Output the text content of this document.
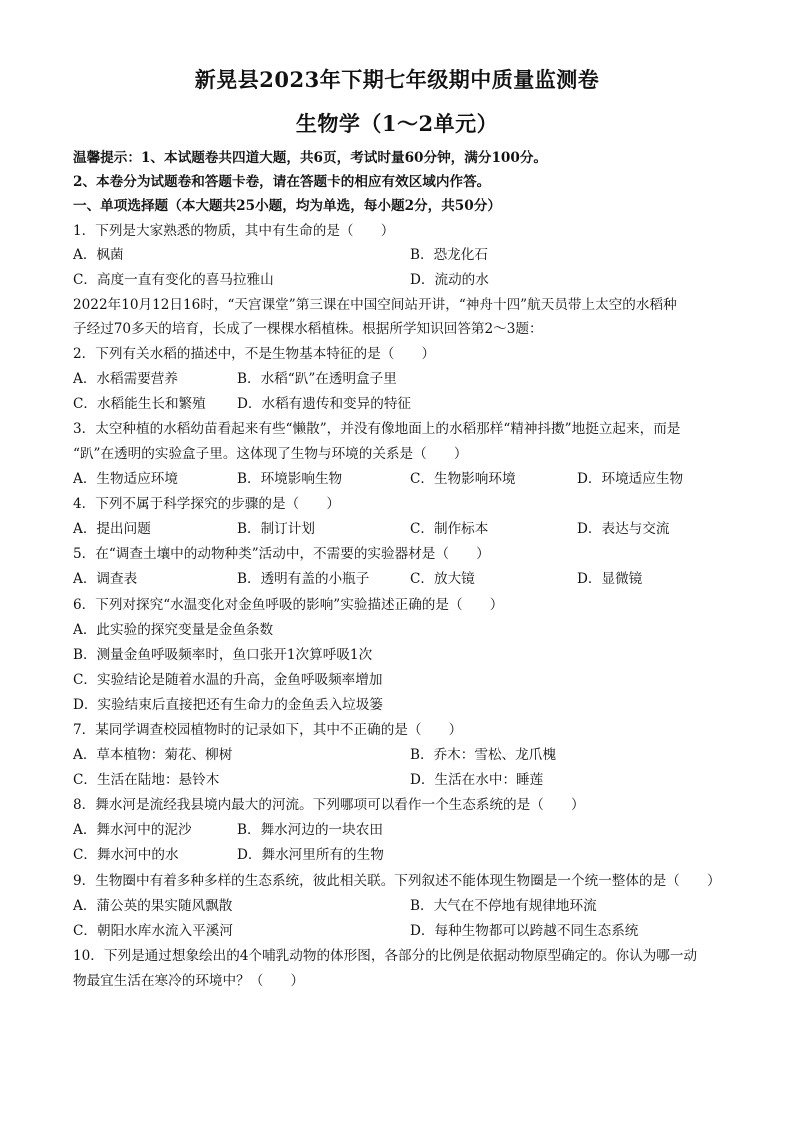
新晃县2023年下期七年级期中质量监测卷
生物学（1～2单元）
温馨提示：1、本试题卷共四道大题，共6页，考试时量60分钟，满分100分。
2、本卷分为试题卷和答题卡卷，请在答题卡的相应有效区域内作答。
一、单项选择题（本大题共25小题，均为单选，每小题2分，共50分）
1．下列是大家熟悉的物质，其中有生命的是（　　）
A．枫菌	B．恐龙化石
C．高度一直有变化的喜马拉雅山	D．流动的水
2022年10月12日16时，“天宫课堂”第三课在中国空间站开讲，“神舟十四”航天员带上太空的水稻种
子经过70多天的培育，长成了一棵棵水稻植株。根据所学知识回答第2～3题：
2．下列有关水稻的描述中，不是生物基本特征的是（　　）
A．水稻需要营养	B．水稻“趴”在透明盒子里
C．水稻能生长和繁殖 D．水稻有遗传和变异的特征
3．太空种植的水稻幼苗看起来有些“懒散”，并没有像地面上的水稻那样“精神抖擞”地挺立起来，而是
“趴”在透明的实验盒子里。这体现了生物与环境的关系是（　　）
A．生物适应环境	B．环境影响生物	C．生物影响环境	D．环境适应生物
4．下列不属于科学探究的步骤的是（　　）
A．提出问题	B．制订计划	C．制作标本	D．表达与交流
5．在“调查土壤中的动物种类”活动中，不需要的实验器材是（　　）
A．调查表	B．透明有盖的小瓶子	C．放大镜	D．显微镜
6．下列对探究“水温变化对金鱼呼吸的影响”实验描述正确的是（　　）
A．此实验的探究变量是金鱼条数
B．测量金鱼呼吸频率时，鱼口张开1次算呼吸1次
C．实验结论是随着水温的升高，金鱼呼吸频率增加
D．实验结束后直接把还有生命力的金鱼丢入垃圾篓
7．某同学调查校园植物时的记录如下，其中不正确的是（　　）
A．草本植物：菊花、柳树	B．乔木：雪松、龙爪槐
C．生活在陆地：悬铃木	D．生活在水中：睡莲
8．舞水河是流经我县境内最大的河流。下列哪项可以看作一个生态系统的是（　　）
A．舞水河中的泥沙	B．舞水河边的一块农田
C．舞水河中的水	D．舞水河里所有的生物
9．生物圈中有着多种多样的生态系统，彼此相关联。下列叙述不能体现生物圈是一个统一整体的是（　　）
A．蒲公英的果实随风飘散	B．大气在不停地有规律地环流
C．朝阳水库水流入平溪河	D．每种生物都可以跨越不同生态系统
10．下列是通过想象绘出的4个哺乳动物的体形图，各部分的比例是依据动物原型确定的。你认为哪一动
物最宜生活在寒冷的环境中？（　　）
